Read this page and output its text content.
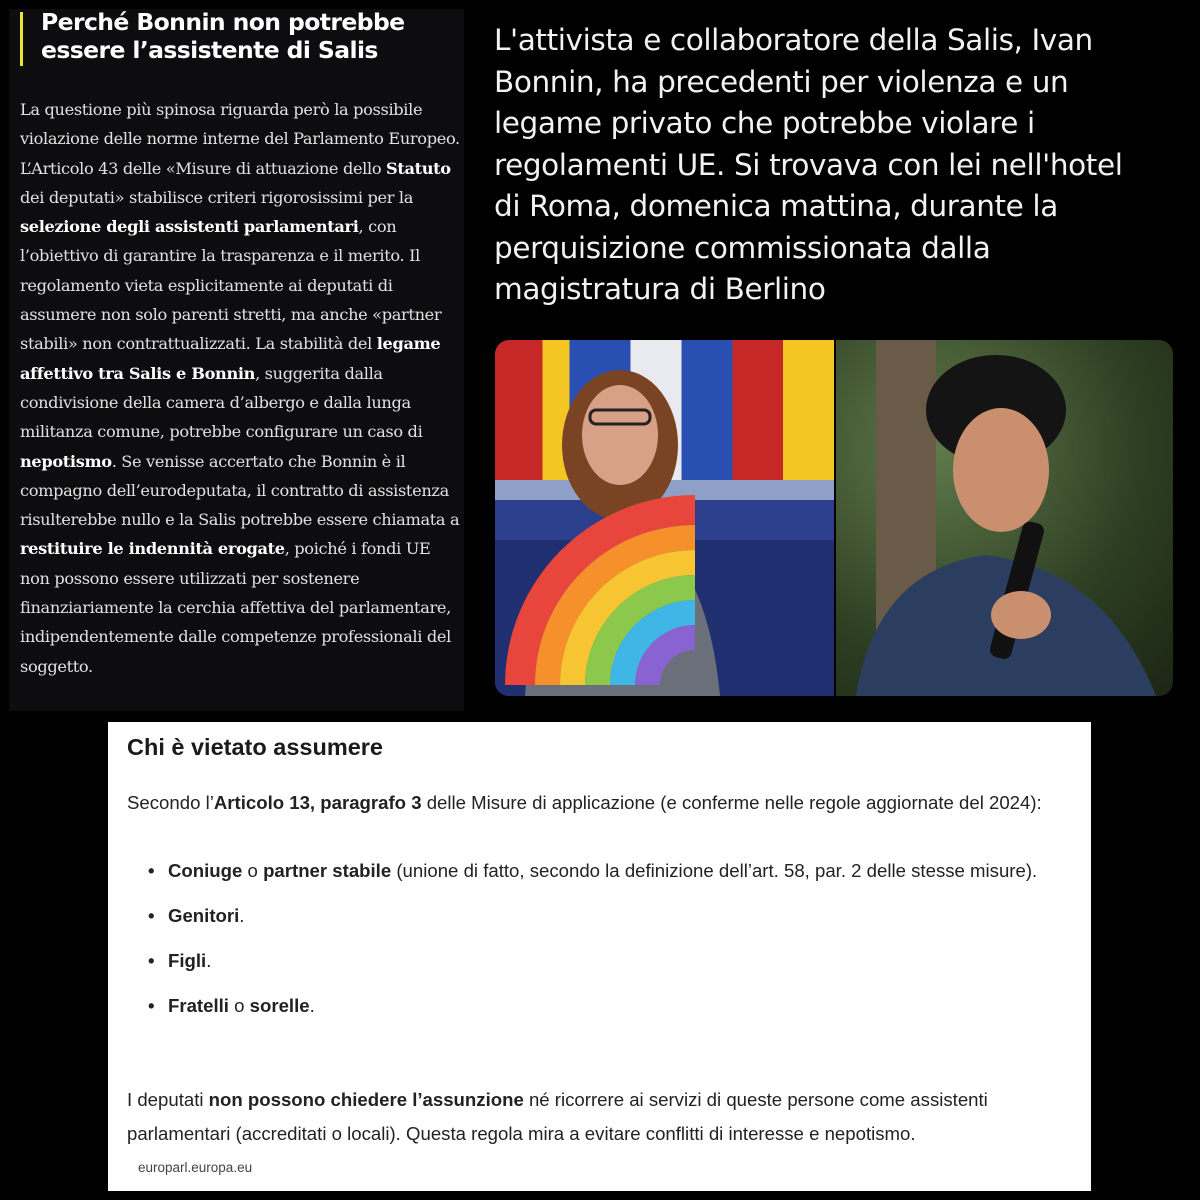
Perché Bonnin non potrebbe essere l’assistente di Salis
La questione più spinosa riguarda però la possibile violazione delle norme interne del Parlamento Europeo. L’Articolo 43 delle «Misure di attuazione dello Statuto dei deputati» stabilisce criteri rigorosissimi per la selezione degli assistenti parlamentari, con l’obiettivo di garantire la trasparenza e il merito. Il regolamento vieta esplicitamente ai deputati di assumere non solo parenti stretti, ma anche «partner stabili» non contrattualizzati. La stabilità del legame affettivo tra Salis e Bonnin, suggerita dalla condivisione della camera d’albergo e dalla lunga militanza comune, potrebbe configurare un caso di nepotismo. Se venisse accertato che Bonnin è il compagno dell’eurodeputata, il contratto di assistenza risulterebbe nullo e la Salis potrebbe essere chiamata a restituire le indennità erogate, poiché i fondi UE non possono essere utilizzati per sostenere finanziariamente la cerchia affettiva del parlamentare, indipendentemente dalle competenze professionali del soggetto.
L'attivista e collaboratore della Salis, Ivan Bonnin, ha precedenti per violenza e un legame privato che potrebbe violare i regolamenti UE. Si trovava con lei nell'hotel di Roma, domenica mattina, durante la perquisizione commissionata dalla magistratura di Berlino
Chi è vietato assumere
Secondo l’Articolo 13, paragrafo 3 delle Misure di applicazione (e conferme nelle regole aggiornate del 2024):
• Coniuge o partner stabile (unione di fatto, secondo la definizione dell’art. 58, par. 2 delle stesse misure).
• Genitori.
• Figli.
• Fratelli o sorelle.
I deputati non possono chiedere l’assunzione né ricorrere ai servizi di queste persone come assistenti parlamentari (accreditati o locali). Questa regola mira a evitare conflitti di interesse e nepotismo.
europarl.europa.eu
